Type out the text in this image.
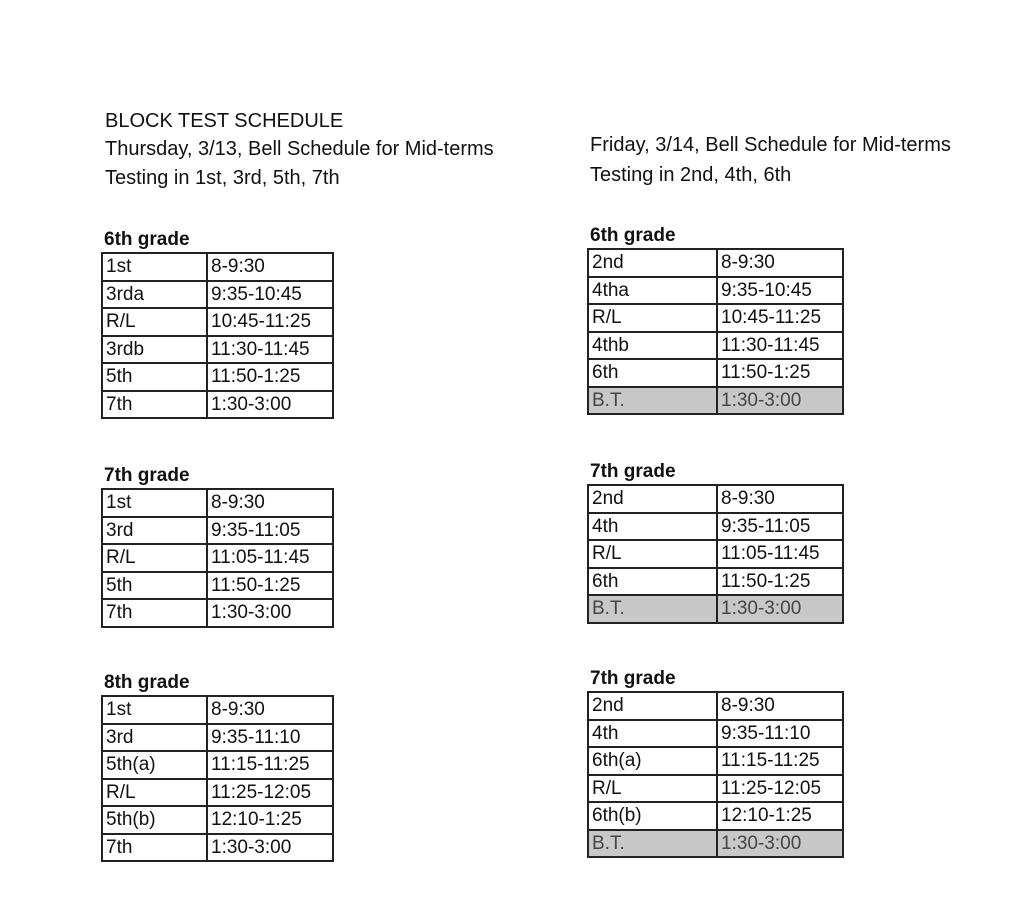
BLOCK TEST SCHEDULE
Thursday, 3/13, Bell Schedule for Mid-terms
Testing in 1st, 3rd, 5th, 7th
Friday, 3/14, Bell Schedule for Mid-terms
Testing in 2nd, 4th, 6th
6th grade
1st	8-9:30
3rda	9:35-10:45
R/L	10:45-11:25
3rdb	11:30-11:45
5th	11:50-1:25
7th	1:30-3:00
7th grade
1st	8-9:30
3rd	9:35-11:05
R/L	11:05-11:45
5th	11:50-1:25
7th	1:30-3:00
8th grade
1st	8-9:30
3rd	9:35-11:10
5th(a)	11:15-11:25
R/L	11:25-12:05
5th(b)	12:10-1:25
7th	1:30-3:00
6th grade
2nd	8-9:30
4tha	9:35-10:45
R/L	10:45-11:25
4thb	11:30-11:45
6th	11:50-1:25
B.T.	1:30-3:00
7th grade
2nd	8-9:30
4th	9:35-11:05
R/L	11:05-11:45
6th	11:50-1:25
B.T.	1:30-3:00
7th grade
2nd	8-9:30
4th	9:35-11:10
6th(a)	11:15-11:25
R/L	11:25-12:05
6th(b)	12:10-1:25
B.T.	1:30-3:00
